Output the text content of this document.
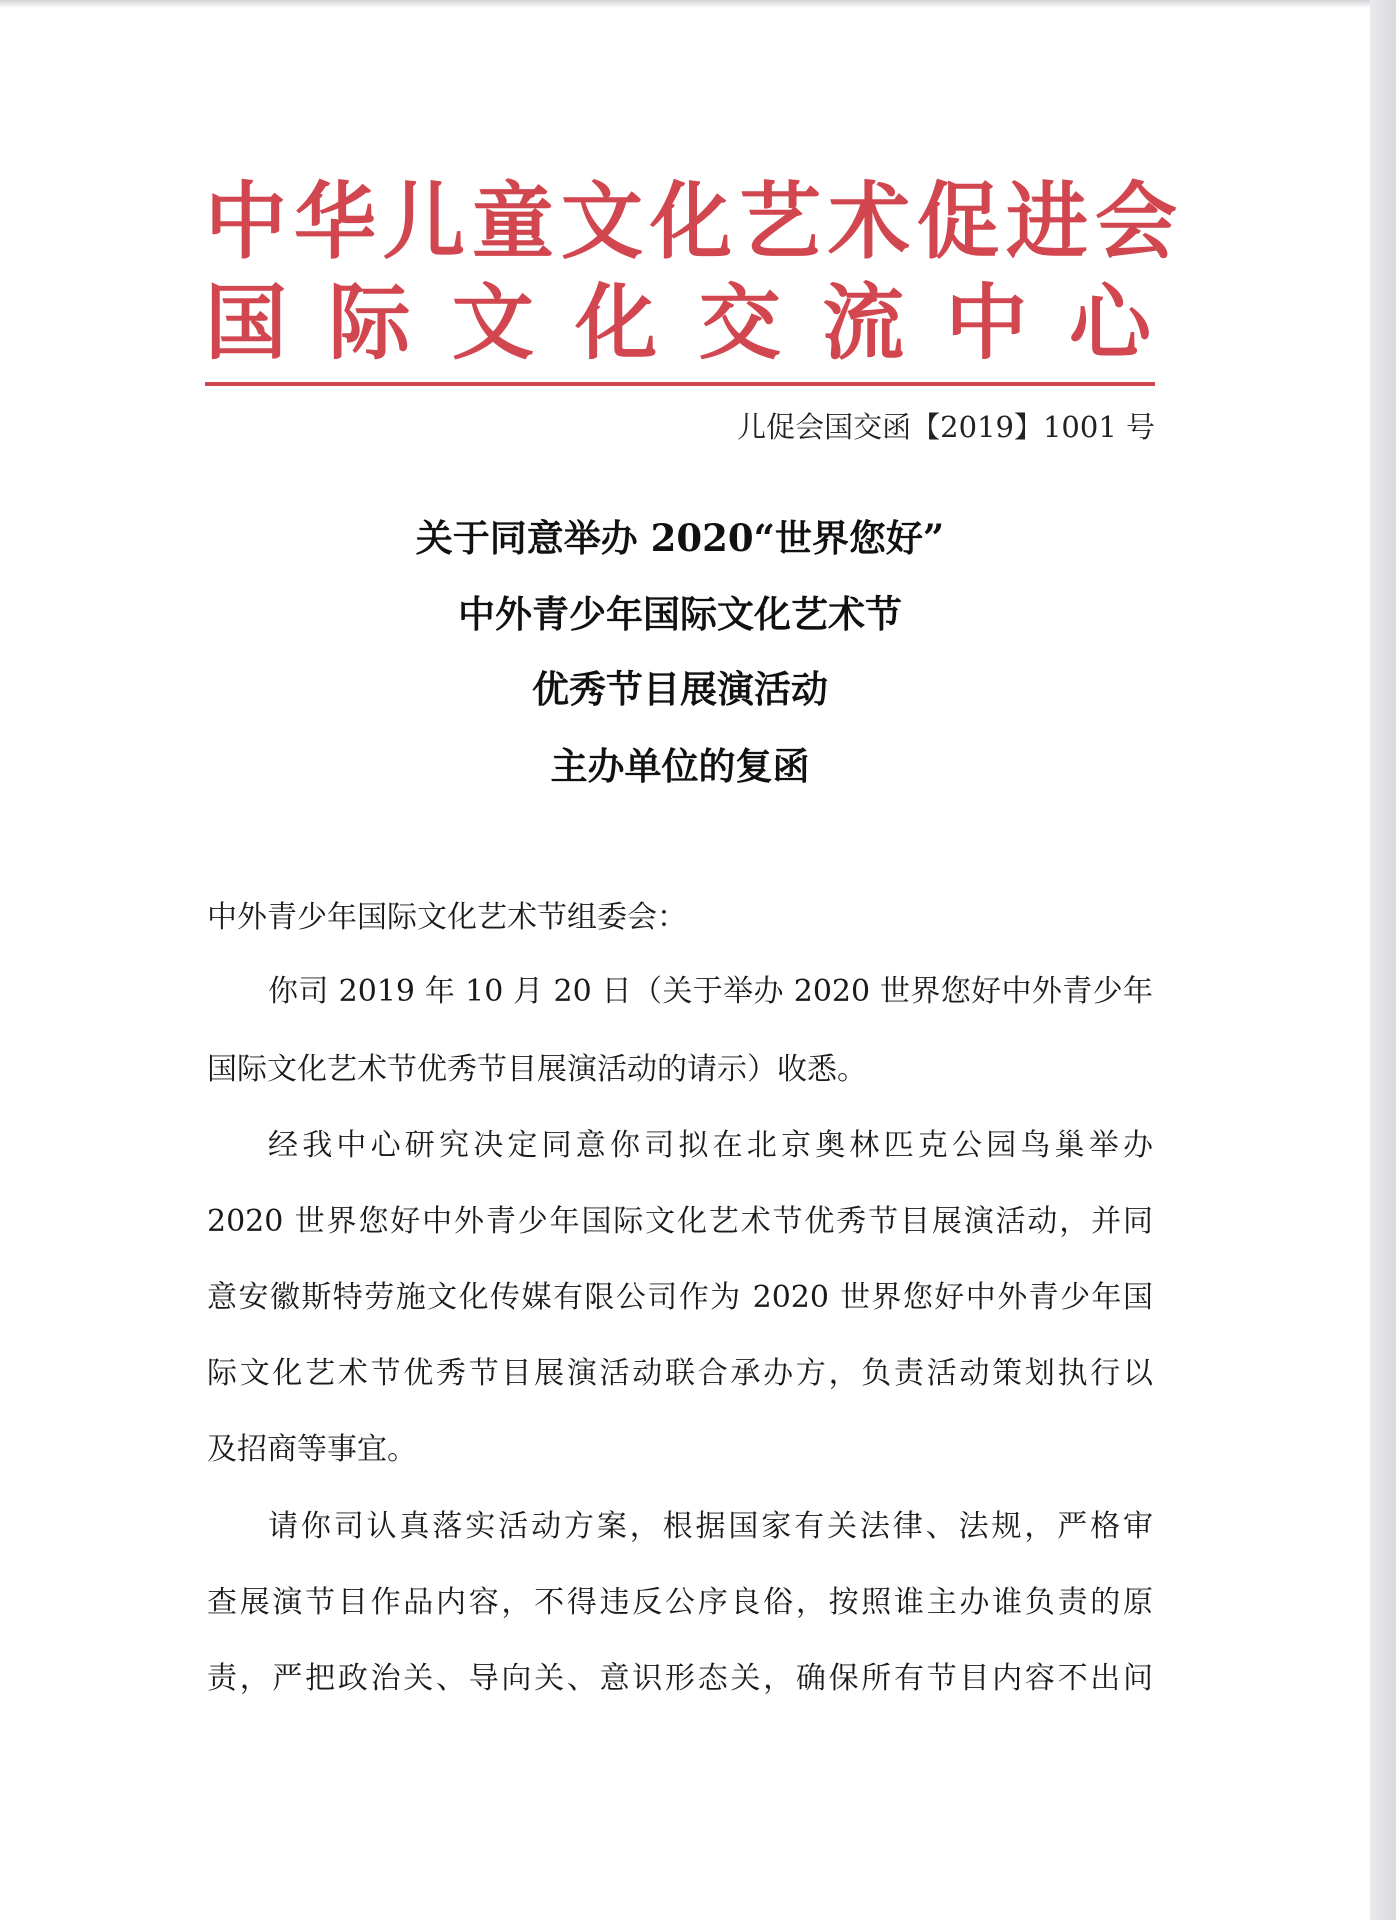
中华儿童文化艺术促进会
国 际 文 化 交 流 中 心
儿促会国交函【2019】1001 号
关于同意举办 2020“世界您好”
中外青少年国际文化艺术节
优秀节目展演活动
主办单位的复函
中外青少年国际文化艺术节组委会：
你司 2019 年 10 月 20 日（关于举办 2020 世界您好中外青少年
国际文化艺术节优秀节目展演活动的请示）收悉。
经我中心研究决定同意你司拟在北京奥林匹克公园鸟巢举办
2020 世界您好中外青少年国际文化艺术节优秀节目展演活动，并同
意安徽斯特劳施文化传媒有限公司作为 2020 世界您好中外青少年国
际文化艺术节优秀节目展演活动联合承办方，负责活动策划执行以
及招商等事宜。
请你司认真落实活动方案，根据国家有关法律、法规，严格审
查展演节目作品内容，不得违反公序良俗，按照谁主办谁负责的原
责，严把政治关、导向关、意识形态关，确保所有节目内容不出问
